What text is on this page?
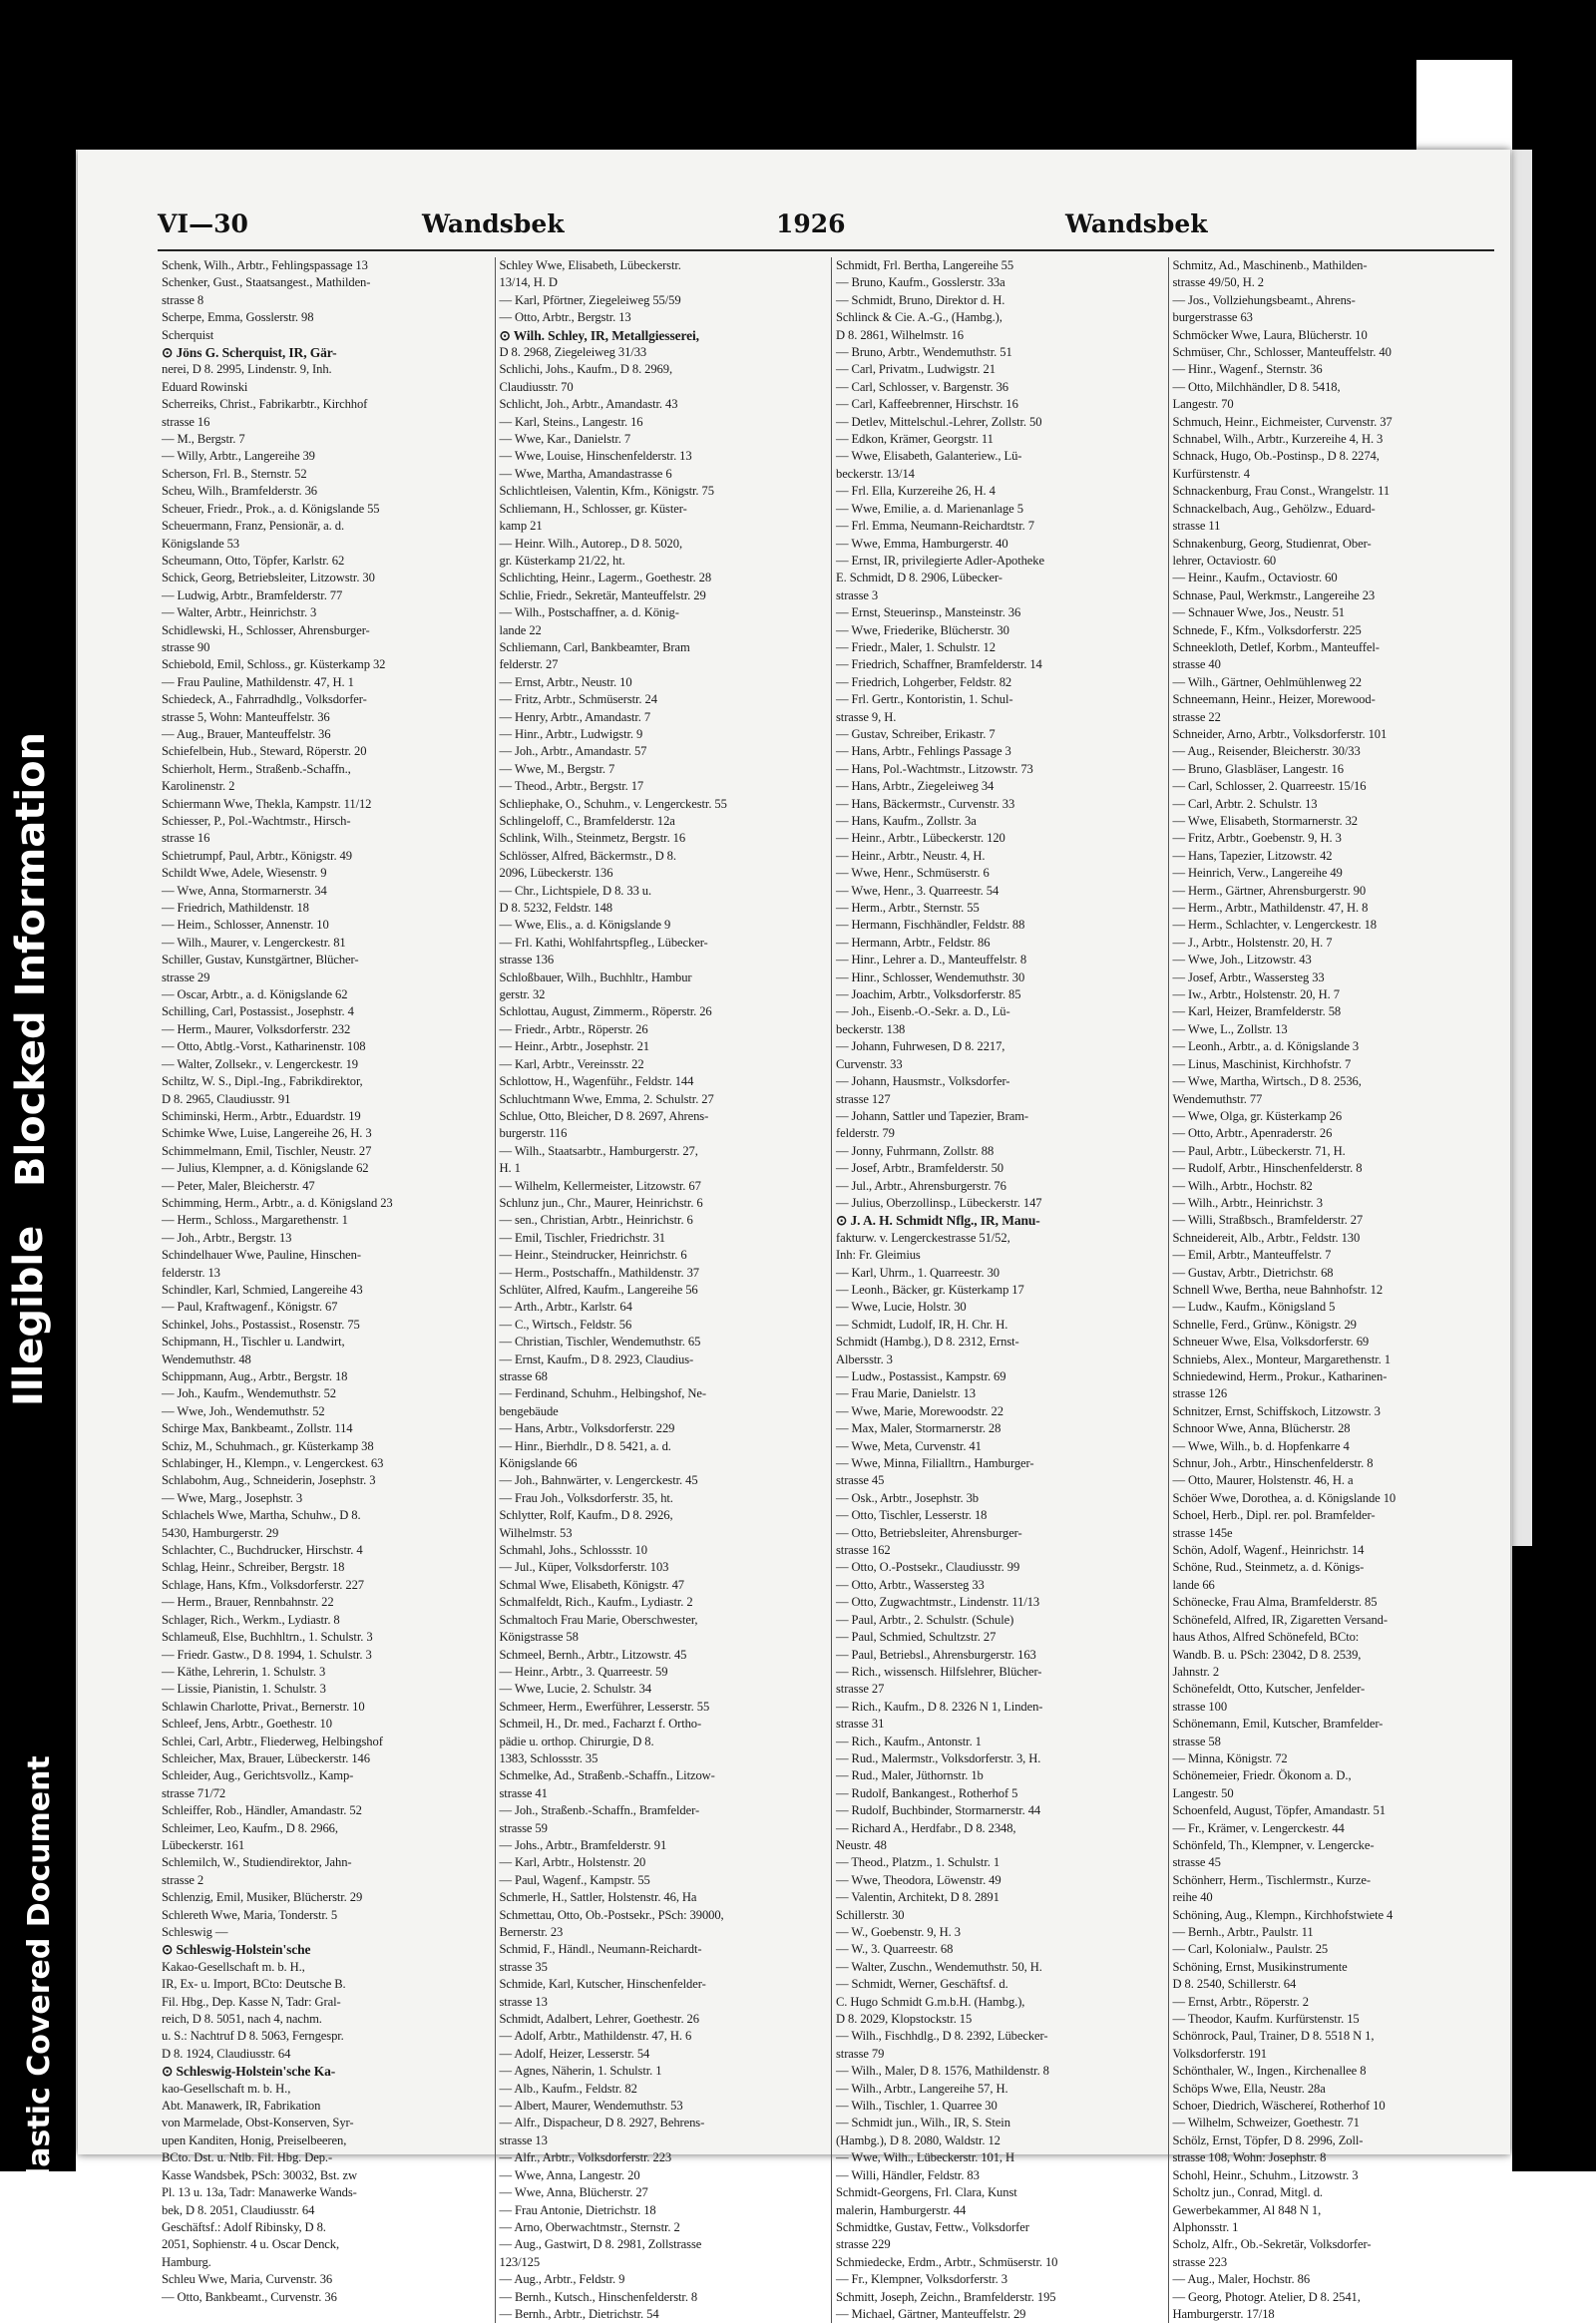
Blocked Information
Illegible
Plastic Covered Document
VI—30	Wandsbek	1926	Wandsbek
Schenk, Wilh., Arbtr., Fehlingspassage 13
Schenker, Gust., Staatsangest., Mathilden-
strasse 8
Scherpe, Emma, Gosslerstr. 98
Scherquist
⊙ Jöns G. Scherquist, IR, Gär-
nerei, D 8. 2995, Lindenstr. 9, Inh.
Eduard Rowinski
Scherreiks, Christ., Fabrikarbtr., Kirchhof
strasse 16
— M., Bergstr. 7
— Willy, Arbtr., Langereihe 39
Scherson, Frl. B., Sternstr. 52
Scheu, Wilh., Bramfelderstr. 36
Scheuer, Friedr., Prok., a. d. Königslande 55
Scheuermann, Franz, Pensionär, a. d.
Königslande 53
Scheumann, Otto, Töpfer, Karlstr. 62
Schick, Georg, Betriebsleiter, Litzowstr. 30
— Ludwig, Arbtr., Bramfelderstr. 77
— Walter, Arbtr., Heinrichstr. 3
Schidlewski, H., Schlosser, Ahrensburger-
strasse 90
Schiebold, Emil, Schloss., gr. Küsterkamp 32
— Frau Pauline, Mathildenstr. 47, H. 1
Schiedeck, A., Fahrradhdlg., Volksdorfer-
strasse 5, Wohn: Manteuffelstr. 36
— Aug., Brauer, Manteuffelstr. 36
Schiefelbein, Hub., Steward, Röperstr. 20
Schierholt, Herm., Straßenb.-Schaffn.,
Karolinenstr. 2
Schiermann Wwe, Thekla, Kampstr. 11/12
Schiesser, P., Pol.-Wachtmstr., Hirsch-
strasse 16
Schietrumpf, Paul, Arbtr., Königstr. 49
Schildt Wwe, Adele, Wiesenstr. 9
— Wwe, Anna, Stormarnerstr. 34
— Friedrich, Mathildenstr. 18
— Heim., Schlosser, Annenstr. 10
— Wilh., Maurer, v. Lengerckestr. 81
Schiller, Gustav, Kunstgärtner, Blücher-
strasse 29
— Oscar, Arbtr., a. d. Königslande 62
Schilling, Carl, Postassist., Josephstr. 4
— Herm., Maurer, Volksdorferstr. 232
— Otto, Abtlg.-Vorst., Katharinenstr. 108
— Walter, Zollsekr., v. Lengerckestr. 19
Schiltz, W. S., Dipl.-Ing., Fabrikdirektor,
D 8. 2965, Claudiusstr. 91
Schiminski, Herm., Arbtr., Eduardstr. 19
Schimke Wwe, Luise, Langereihe 26, H. 3
Schimmelmann, Emil, Tischler, Neustr. 27
— Julius, Klempner, a. d. Königslande 62
— Peter, Maler, Bleicherstr. 47
Schimming, Herm., Arbtr., a. d. Königsland 23
— Herm., Schloss., Margarethenstr. 1
— Joh., Arbtr., Bergstr. 13
Schindelhauer Wwe, Pauline, Hinschen-
felderstr. 13
Schindler, Karl, Schmied, Langereihe 43
— Paul, Kraftwagenf., Königstr. 67
Schinkel, Johs., Postassist., Rosenstr. 75
Schipmann, H., Tischler u. Landwirt,
Wendemuthstr. 48
Schippmann, Aug., Arbtr., Bergstr. 18
— Joh., Kaufm., Wendemuthstr. 52
— Wwe, Joh., Wendemuthstr. 52
Schirge Max, Bankbeamt., Zollstr. 114
Schiz, M., Schuhmach., gr. Küsterkamp 38
Schlabinger, H., Klempn., v. Lengerckest. 63
Schlabohm, Aug., Schneiderin, Josephstr. 3
— Wwe, Marg., Josephstr. 3
Schlachels Wwe, Martha, Schuhw., D 8.
5430, Hamburgerstr. 29
Schlachter, C., Buchdrucker, Hirschstr. 4
Schlag, Heinr., Schreiber, Bergstr. 18
Schlage, Hans, Kfm., Volksdorferstr. 227
— Herm., Brauer, Rennbahnstr. 22
Schlager, Rich., Werkm., Lydiastr. 8
Schlameuß, Else, Buchhltrn., 1. Schulstr. 3
— Friedr. Gastw., D 8. 1994, 1. Schulstr. 3
— Käthe, Lehrerin, 1. Schulstr. 3
— Lissie, Pianistin, 1. Schulstr. 3
Schlawin Charlotte, Privat., Bernerstr. 10
Schleef, Jens, Arbtr., Goethestr. 10
Schlei, Carl, Arbtr., Fliederweg, Helbingshof
Schleicher, Max, Brauer, Lübeckerstr. 146
Schleider, Aug., Gerichtsvollz., Kamp-
strasse 71/72
Schleiffer, Rob., Händler, Amandastr. 52
Schleimer, Leo, Kaufm., D 8. 2966,
Lübeckerstr. 161
Schlemilch, W., Studiendirektor, Jahn-
strasse 2
Schlenzig, Emil, Musiker, Blücherstr. 29
Schlereth Wwe, Maria, Tonderstr. 5
Schleswig —
⊙ Schleswig-Holstein'sche
Kakao-Gesellschaft m. b. H.,
IR, Ex- u. Import, BCto: Deutsche B.
Fil. Hbg., Dep. Kasse N, Tadr: Gral-
reich, D 8. 5051, nach 4, nachm.
u. S.: Nachtruf D 8. 5063, Ferngespr.
D 8. 1924, Claudiusstr. 64
⊙ Schleswig-Holstein'sche Ka-
kao-Gesellschaft m. b. H.,
Abt. Manawerk, IR, Fabrikation
von Marmelade, Obst-Konserven, Syr-
upen Kanditen, Honig, Preiselbeeren,
BCto. Dst. u. Ntlb. Fil. Hbg. Dep.-
Kasse Wandsbek, PSch: 30032, Bst. zw
Pl. 13 u. 13a, Tadr: Manawerke Wands-
bek, D 8. 2051, Claudiusstr. 64
Geschäftsf.: Adolf Ribinsky, D 8.
2051, Sophienstr. 4 u. Oscar Denck,
Hamburg.
Schleu Wwe, Maria, Curvenstr. 36
— Otto, Bankbeamt., Curvenstr. 36
Schley Wwe, Elisabeth, Lübeckerstr.
13/14, H. D
— Karl, Pförtner, Ziegeleiweg 55/59
— Otto, Arbtr., Bergstr. 13
⊙ Wilh. Schley, IR, Metallgiesserei,
D 8. 2968, Ziegeleiweg 31/33
Schlichi, Johs., Kaufm., D 8. 2969,
Claudiusstr. 70
Schlicht, Joh., Arbtr., Amandastr. 43
— Karl, Steins., Langestr. 16
— Wwe, Kar., Danielstr. 7
— Wwe, Louise, Hinschenfelderstr. 13
— Wwe, Martha, Amandastrasse 6
Schlichtleisen, Valentin, Kfm., Königstr. 75
Schliemann, H., Schlosser, gr. Küster-
kamp 21
— Heinr. Wilh., Autorep., D 8. 5020,
gr. Küsterkamp 21/22, ht.
Schlichting, Heinr., Lagerm., Goethestr. 28
Schlie, Friedr., Sekretär, Manteuffelstr. 29
— Wilh., Postschaffner, a. d. König-
lande 22
Schliemann, Carl, Bankbeamter, Bram
felderstr. 27
— Ernst, Arbtr., Neustr. 10
— Fritz, Arbtr., Schmüserstr. 24
— Henry, Arbtr., Amandastr. 7
— Hinr., Arbtr., Ludwigstr. 9
— Joh., Arbtr., Amandastr. 57
— Wwe, M., Bergstr. 7
— Theod., Arbtr., Bergstr. 17
Schliephake, O., Schuhm., v. Lengerckestr. 55
Schlingeloff, C., Bramfelderstr. 12a
Schlink, Wilh., Steinmetz, Bergstr. 16
Schlösser, Alfred, Bäckermstr., D 8.
2096, Lübeckerstr. 136
— Chr., Lichtspiele, D 8. 33 u.
D 8. 5232, Feldstr. 148
— Wwe, Elis., a. d. Königslande 9
— Frl. Kathi, Wohlfahrtspfleg., Lübecker-
strasse 136
Schloßbauer, Wilh., Buchhltr., Hambur
gerstr. 32
Schlottau, August, Zimmerm., Röperstr. 26
— Friedr., Arbtr., Röperstr. 26
— Heinr., Arbtr., Josephstr. 21
— Karl, Arbtr., Vereinsstr. 22
Schlottow, H., Wagenführ., Feldstr. 144
Schluchtmann Wwe, Emma, 2. Schulstr. 27
Schlue, Otto, Bleicher, D 8. 2697, Ahrens-
burgerstr. 116
— Wilh., Staatsarbtr., Hamburgerstr. 27,
H. 1
— Wilhelm, Kellermeister, Litzowstr. 67
Schlunz jun., Chr., Maurer, Heinrichstr. 6
— sen., Christian, Arbtr., Heinrichstr. 6
— Emil, Tischler, Friedrichstr. 31
— Heinr., Steindrucker, Heinrichstr. 6
— Herm., Postschaffn., Mathildenstr. 37
Schlüter, Alfred, Kaufm., Langereihe 56
— Arth., Arbtr., Karlstr. 64
— C., Wirtsch., Feldstr. 56
— Christian, Tischler, Wendemuthstr. 65
— Ernst, Kaufm., D 8. 2923, Claudius-
strasse 68
— Ferdinand, Schuhm., Helbingshof, Ne-
bengebäude
— Hans, Arbtr., Volksdorferstr. 229
— Hinr., Bierhdlr., D 8. 5421, a. d.
Königslande 66
— Joh., Bahnwärter, v. Lengerckestr. 45
— Frau Joh., Volksdorferstr. 35, ht.
Schlytter, Rolf, Kaufm., D 8. 2926,
Wilhelmstr. 53
Schmahl, Johs., Schlossstr. 10
— Jul., Küper, Volksdorferstr. 103
Schmal Wwe, Elisabeth, Königstr. 47
Schmalfeldt, Rich., Kaufm., Lydiastr. 2
Schmaltoch Frau Marie, Oberschwester,
Königstrasse 58
Schmeel, Bernh., Arbtr., Litzowstr. 45
— Heinr., Arbtr., 3. Quarreestr. 59
— Wwe, Lucie, 2. Schulstr. 34
Schmeer, Herm., Ewerführer, Lesserstr. 55
Schmeil, H., Dr. med., Facharzt f. Ortho-
pädie u. orthop. Chirurgie, D 8.
1383, Schlossstr. 35
Schmelke, Ad., Straßenb.-Schaffn., Litzow-
strasse 41
— Joh., Straßenb.-Schaffn., Bramfelder-
strasse 59
— Johs., Arbtr., Bramfelderstr. 91
— Karl, Arbtr., Holstenstr. 20
— Paul, Wagenf., Kampstr. 55
Schmerle, H., Sattler, Holstenstr. 46, Ha
Schmettau, Otto, Ob.-Postsekr., PSch: 39000,
Bernerstr. 23
Schmid, F., Händl., Neumann-Reichardt-
strasse 35
Schmide, Karl, Kutscher, Hinschenfelder-
strasse 13
Schmidt, Adalbert, Lehrer, Goethestr. 26
— Adolf, Arbtr., Mathildenstr. 47, H. 6
— Adolf, Heizer, Lesserstr. 54
— Agnes, Näherin, 1. Schulstr. 1
— Alb., Kaufm., Feldstr. 82
— Albert, Maurer, Wendemuthstr. 53
— Alfr., Dispacheur, D 8. 2927, Behrens-
strasse 13
— Alfr., Arbtr., Volksdorferstr. 223
— Wwe, Anna, Langestr. 20
— Wwe, Anna, Blücherstr. 27
— Frau Antonie, Dietrichstr. 18
— Arno, Oberwachtmstr., Sternstr. 2
— Aug., Gastwirt, D 8. 2981, Zollstrasse
123/125
— Aug., Arbtr., Feldstr. 9
— Bernh., Kutsch., Hinschenfelderstr. 8
— Bernh., Arbtr., Dietrichstr. 54
Schmidt, Frl. Bertha, Langereihe 55
— Bruno, Kaufm., Gosslerstr. 33a
— Schmidt, Bruno, Direktor d. H.
Schlinck & Cie. A.-G., (Hambg.),
D 8. 2861, Wilhelmstr. 16
— Bruno, Arbtr., Wendemuthstr. 51
— Carl, Privatm., Ludwigstr. 21
— Carl, Schlosser, v. Bargenstr. 36
— Carl, Kaffeebrenner, Hirschstr. 16
— Detlev, Mittelschul.-Lehrer, Zollstr. 50
— Edkon, Krämer, Georgstr. 11
— Wwe, Elisabeth, Galanteriew., Lü-
beckerstr. 13/14
— Frl. Ella, Kurzereihe 26, H. 4
— Wwe, Emilie, a. d. Marienanlage 5
— Frl. Emma, Neumann-Reichardtstr. 7
— Wwe, Emma, Hamburgerstr. 40
— Ernst, IR, privilegierte Adler-Apotheke
E. Schmidt, D 8. 2906, Lübecker-
strasse 3
— Ernst, Steuerinsp., Mansteinstr. 36
— Wwe, Friederike, Blücherstr. 30
— Friedr., Maler, 1. Schulstr. 12
— Friedrich, Schaffner, Bramfelderstr. 14
— Friedrich, Lohgerber, Feldstr. 82
— Frl. Gertr., Kontoristin, 1. Schul-
strasse 9, H.
— Gustav, Schreiber, Erikastr. 7
— Hans, Arbtr., Fehlings Passage 3
— Hans, Pol.-Wachtmstr., Litzowstr. 73
— Hans, Arbtr., Ziegeleiweg 34
— Hans, Bäckermstr., Curvenstr. 33
— Hans, Kaufm., Zollstr. 3a
— Heinr., Arbtr., Lübeckerstr. 120
— Heinr., Arbtr., Neustr. 4, H.
— Wwe, Henr., Schmüserstr. 6
— Wwe, Henr., 3. Quarreestr. 54
— Herm., Arbtr., Sternstr. 55
— Hermann, Fischhändler, Feldstr. 88
— Hermann, Arbtr., Feldstr. 86
— Hinr., Lehrer a. D., Manteuffelstr. 8
— Hinr., Schlosser, Wendemuthstr. 30
— Joachim, Arbtr., Volksdorferstr. 85
— Joh., Eisenb.-O.-Sekr. a. D., Lü-
beckerstr. 138
— Johann, Fuhrwesen, D 8. 2217,
Curvenstr. 33
— Johann, Hausmstr., Volksdorfer-
strasse 127
— Johann, Sattler und Tapezier, Bram-
felderstr. 79
— Jonny, Fuhrmann, Zollstr. 88
— Josef, Arbtr., Bramfelderstr. 50
— Jul., Arbtr., Ahrensburgerstr. 76
— Julius, Oberzollinsp., Lübeckerstr. 147
⊙ J. A. H. Schmidt Nflg., IR, Manu-
fakturw. v. Lengerckestrasse 51/52,
Inh: Fr. Gleimius
— Karl, Uhrm., 1. Quarreestr. 30
— Leonh., Bäcker, gr. Küsterkamp 17
— Wwe, Lucie, Holstr. 30
— Schmidt, Ludolf, IR, H. Chr. H.
Schmidt (Hambg.), D 8. 2312, Ernst-
Albersstr. 3
— Ludw., Postassist., Kampstr. 69
— Frau Marie, Danielstr. 13
— Wwe, Marie, Morewoodstr. 22
— Max, Maler, Stormarnerstr. 28
— Wwe, Meta, Curvenstr. 41
— Wwe, Minna, Filialltrn., Hamburger-
strasse 45
— Osk., Arbtr., Josephstr. 3b
— Otto, Tischler, Lesserstr. 18
— Otto, Betriebsleiter, Ahrensburger-
strasse 162
— Otto, O.-Postsekr., Claudiusstr. 99
— Otto, Arbtr., Wassersteg 33
— Otto, Zugwachtmstr., Lindenstr. 11/13
— Paul, Arbtr., 2. Schulstr. (Schule)
— Paul, Schmied, Schultzstr. 27
— Paul, Betriebsl., Ahrensburgerstr. 163
— Rich., wissensch. Hilfslehrer, Blücher-
strasse 27
— Rich., Kaufm., D 8. 2326 N 1, Linden-
strasse 31
— Rich., Kaufm., Antonstr. 1
— Rud., Malermstr., Volksdorferstr. 3, H.
— Rud., Maler, Jüthornstr. 1b
— Rudolf, Bankangest., Rotherhof 5
— Rudolf, Buchbinder, Stormarnerstr. 44
— Richard A., Herdfabr., D 8. 2348,
Neustr. 48
— Theod., Platzm., 1. Schulstr. 1
— Wwe, Theodora, Löwenstr. 49
— Valentin, Architekt, D 8. 2891
Schillerstr. 30
— W., Goebenstr. 9, H. 3
— W., 3. Quarreestr. 68
— Walter, Zuschn., Wendemuthstr. 50, H.
— Schmidt, Werner, Geschäftsf. d.
C. Hugo Schmidt G.m.b.H. (Hambg.),
D 8. 2029, Klopstockstr. 15
— Wilh., Fischhdlg., D 8. 2392, Lübecker-
strasse 79
— Wilh., Maler, D 8. 1576, Mathildenstr. 8
— Wilh., Arbtr., Langereihe 57, H.
— Wilh., Tischler, 1. Quarree 30
— Schmidt jun., Wilh., IR, S. Stein
(Hambg.), D 8. 2080, Waldstr. 12
— Wwe, Wilh., Lübeckerstr. 101, H
— Willi, Händler, Feldstr. 83
Schmidt-Georgens, Frl. Clara, Kunst
malerin, Hamburgerstr. 44
Schmidtke, Gustav, Fettw., Volksdorfer
strasse 229
Schmiedecke, Erdm., Arbtr., Schmüserstr. 10
— Fr., Klempner, Volksdorferstr. 3
Schmitt, Joseph, Zeichn., Bramfelderstr. 195
— Michael, Gärtner, Manteuffelstr. 29
Schmitz, Ad., Maschinenb., Mathilden-
strasse 49/50, H. 2
— Jos., Vollziehungsbeamt., Ahrens-
burgerstrasse 63
Schmöcker Wwe, Laura, Blücherstr. 10
Schmüser, Chr., Schlosser, Manteuffelstr. 40
— Hinr., Wagenf., Sternstr. 36
— Otto, Milchhändler, D 8. 5418,
Langestr. 70
Schmuch, Heinr., Eichmeister, Curvenstr. 37
Schnabel, Wilh., Arbtr., Kurzereihe 4, H. 3
Schnack, Hugo, Ob.-Postinsp., D 8. 2274,
Kurfürstenstr. 4
Schnackenburg, Frau Const., Wrangelstr. 11
Schnackelbach, Aug., Gehölzw., Eduard-
strasse 11
Schnakenburg, Georg, Studienrat, Ober-
lehrer, Octaviostr. 60
— Heinr., Kaufm., Octaviostr. 60
Schnase, Paul, Werkmstr., Langereihe 23
— Schnauer Wwe, Jos., Neustr. 51
Schnede, F., Kfm., Volksdorferstr. 225
Schneekloth, Detlef, Korbm., Manteuffel-
strasse 40
— Wilh., Gärtner, Oehlmühlenweg 22
Schneemann, Heinr., Heizer, Morewood-
strasse 22
Schneider, Arno, Arbtr., Volksdorferstr. 101
— Aug., Reisender, Bleicherstr. 30/33
— Bruno, Glasbläser, Langestr. 16
— Carl, Schlosser, 2. Quarreestr. 15/16
— Carl, Arbtr. 2. Schulstr. 13
— Wwe, Elisabeth, Stormarnerstr. 32
— Fritz, Arbtr., Goebenstr. 9, H. 3
— Hans, Tapezier, Litzowstr. 42
— Heinrich, Verw., Langereihe 49
— Herm., Gärtner, Ahrensburgerstr. 90
— Herm., Arbtr., Mathildenstr. 47, H. 8
— Herm., Schlachter, v. Lengerckestr. 18
— J., Arbtr., Holstenstr. 20, H. 7
— Wwe, Joh., Litzowstr. 43
— Josef, Arbtr., Wassersteg 33
— Iw., Arbtr., Holstenstr. 20, H. 7
— Karl, Heizer, Bramfelderstr. 58
— Wwe, L., Zollstr. 13
— Leonh., Arbtr., a. d. Königslande 3
— Linus, Maschinist, Kirchhofstr. 7
— Wwe, Martha, Wirtsch., D 8. 2536,
Wendemuthstr. 77
— Wwe, Olga, gr. Küsterkamp 26
— Otto, Arbtr., Apenraderstr. 26
— Paul, Arbtr., Lübeckerstr. 71, H.
— Rudolf, Arbtr., Hinschenfelderstr. 8
— Wilh., Arbtr., Hochstr. 82
— Wilh., Arbtr., Heinrichstr. 3
— Willi, Straßbsch., Bramfelderstr. 27
Schneidereit, Alb., Arbtr., Feldstr. 130
— Emil, Arbtr., Manteuffelstr. 7
— Gustav, Arbtr., Dietrichstr. 68
Schnell Wwe, Bertha, neue Bahnhofstr. 12
— Ludw., Kaufm., Königsland 5
Schnelle, Ferd., Grünw., Königstr. 29
Schneuer Wwe, Elsa, Volksdorferstr. 69
Schniebs, Alex., Monteur, Margarethenstr. 1
Schniedewind, Herm., Prokur., Katharinen-
strasse 126
Schnitzer, Ernst, Schiffskoch, Litzowstr. 3
Schnoor Wwe, Anna, Blücherstr. 28
— Wwe, Wilh., b. d. Hopfenkarre 4
Schnur, Joh., Arbtr., Hinschenfelderstr. 8
— Otto, Maurer, Holstenstr. 46, H. a
Schöer Wwe, Dorothea, a. d. Königslande 10
Schoel, Herb., Dipl. rer. pol. Bramfelder-
strasse 145e
Schön, Adolf, Wagenf., Heinrichstr. 14
Schöne, Rud., Steinmetz, a. d. Königs-
lande 66
Schönecke, Frau Alma, Bramfelderstr. 85
Schönefeld, Alfred, IR, Zigaretten Versand-
haus Athos, Alfred Schönefeld, BCto:
Wandb. B. u. PSch: 23042, D 8. 2539,
Jahnstr. 2
Schönefeldt, Otto, Kutscher, Jenfelder-
strasse 100
Schönemann, Emil, Kutscher, Bramfelder-
strasse 58
— Minna, Königstr. 72
Schönemeier, Friedr. Ökonom a. D.,
Langestr. 50
Schoenfeld, August, Töpfer, Amandastr. 51
— Fr., Krämer, v. Lengerckestr. 44
Schönfeld, Th., Klempner, v. Lengercke-
strasse 45
Schönherr, Herm., Tischlermstr., Kurze-
reihe 40
Schöning, Aug., Klempn., Kirchhofstwiete 4
— Bernh., Arbtr., Paulstr. 11
— Carl, Kolonialw., Paulstr. 25
Schöning, Ernst, Musikinstrumente
D 8. 2540, Schillerstr. 64
— Ernst, Arbtr., Röperstr. 2
— Theodor, Kaufm. Kurfürstenstr. 15
Schönrock, Paul, Trainer, D 8. 5518 N 1,
Volksdorferstr. 191
Schönthaler, W., Ingen., Kirchenallee 8
Schöps Wwe, Ella, Neustr. 28a
Schoer, Diedrich, Wäschereí, Rotherhof 10
— Wilhelm, Schweizer, Goethestr. 71
Schölz, Ernst, Töpfer, D 8. 2996, Zoll-
strasse 108, Wohn: Josephstr. 8
Schohl, Heinr., Schuhm., Litzowstr. 3
Scholtz jun., Conrad, Mitgl. d.
Gewerbekammer, Al 848 N 1,
Alphonsstr. 1
Scholz, Alfr., Ob.-Sekretär, Volksdorfer-
strasse 223
— Aug., Maler, Hochstr. 86
— Georg, Photogr. Atelier, D 8. 2541,
Hamburgerstr. 17/18
